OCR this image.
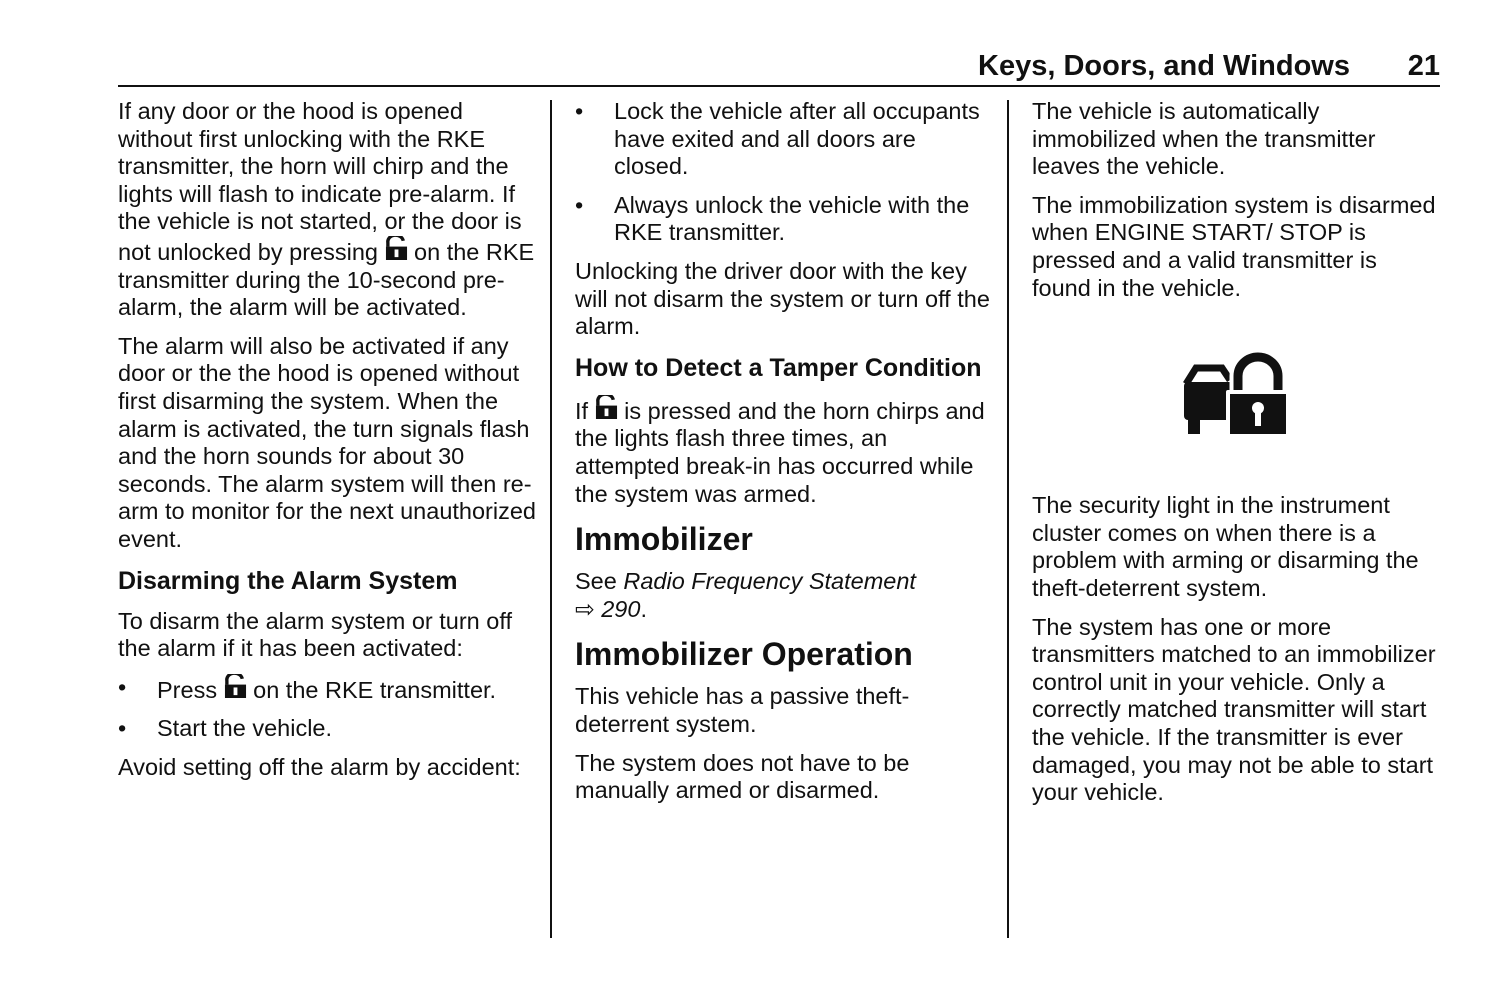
Keys, Doors, and Windows 21

If any door or the hood is opened without first unlocking with the RKE transmitter, the horn will chirp and the lights will flash to indicate pre-alarm. If the vehicle is not started, or the door is not unlocked by pressing on the RKE transmitter during the 10-second pre-alarm, the alarm will be activated.

The alarm will also be activated if any door or the the hood is opened without first disarming the system. When the alarm is activated, the turn signals flash and the horn sounds for about 30 seconds. The alarm system will then re-arm to monitor for the next unauthorized event.

Disarming the Alarm System

To disarm the alarm system or turn off the alarm if it has been activated:

• Press on the RKE transmitter.
• Start the vehicle.

Avoid setting off the alarm by accident:

• Lock the vehicle after all occupants have exited and all doors are closed.
• Always unlock the vehicle with the RKE transmitter.

Unlocking the driver door with the key will not disarm the system or turn off the alarm.

How to Detect a Tamper Condition

If is pressed and the horn chirps and the lights flash three times, an attempted break-in has occurred while the system was armed.

Immobilizer

See Radio Frequency Statement
⇨ 290.

Immobilizer Operation

This vehicle has a passive theft-deterrent system.

The system does not have to be manually armed or disarmed.

The vehicle is automatically immobilized when the transmitter leaves the vehicle.

The immobilization system is disarmed when ENGINE START/ STOP is pressed and a valid transmitter is found in the vehicle.

The security light in the instrument cluster comes on when there is a problem with arming or disarming the theft-deterrent system.

The system has one or more transmitters matched to an immobilizer control unit in your vehicle. Only a correctly matched transmitter will start the vehicle. If the transmitter is ever damaged, you may not be able to start your vehicle.
